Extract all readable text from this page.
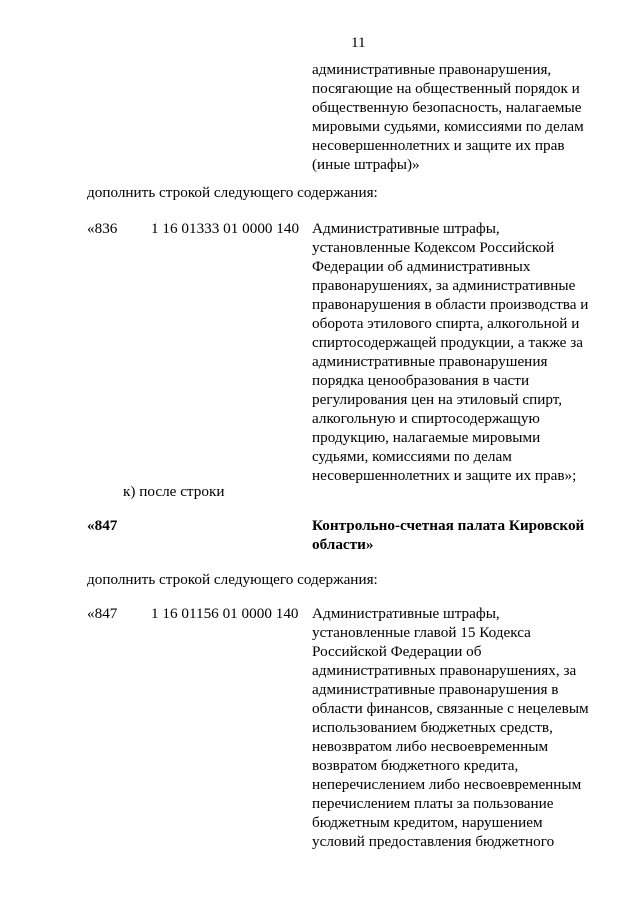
11

административные правонарушения,

посягающие на общественный порядок и

общественную безопасность, налагаемые

мировыми судьями, комиссиями по делам

несовершеннолетних и защите их прав

(иные штрафы)»

дополнить строкой следующего содержания:
«836 1 16 01333 01 0000 140 Административные штрафы,

установленные Кодексом Российской

Федерации об административных

правонарушениях, за административные

правонарушения в области производства и

оборота этилового спирта, алкогольной и

спиртосодержащей продукции, а также за

административные правонарушения

порядка ценообразования в части

регулирования цен на этиловый спирт,

алкогольную и спиртосодержащую

продукцию, налагаемые мировыми

судьями, комиссиями по делам

несовершеннолетних и защите их прав»;

к) после строки
«847	Контрольно-счетная палата Кировской

области»

дополнить строкой следующего содержания:
«847 1 16 01156 01 0000 140 Административные штрафы,

установленные главой 15 Кодекса

Российской Федерации об

административных правонарушениях, за

административные правонарушения в

области финансов, связанные с нецелевым

использованием бюджетных средств,

невозвратом либо несвоевременным

возвратом бюджетного кредита,

неперечислением либо несвоевременным

перечислением платы за пользование

бюджетным кредитом, нарушением

условий предоставления бюджетного
